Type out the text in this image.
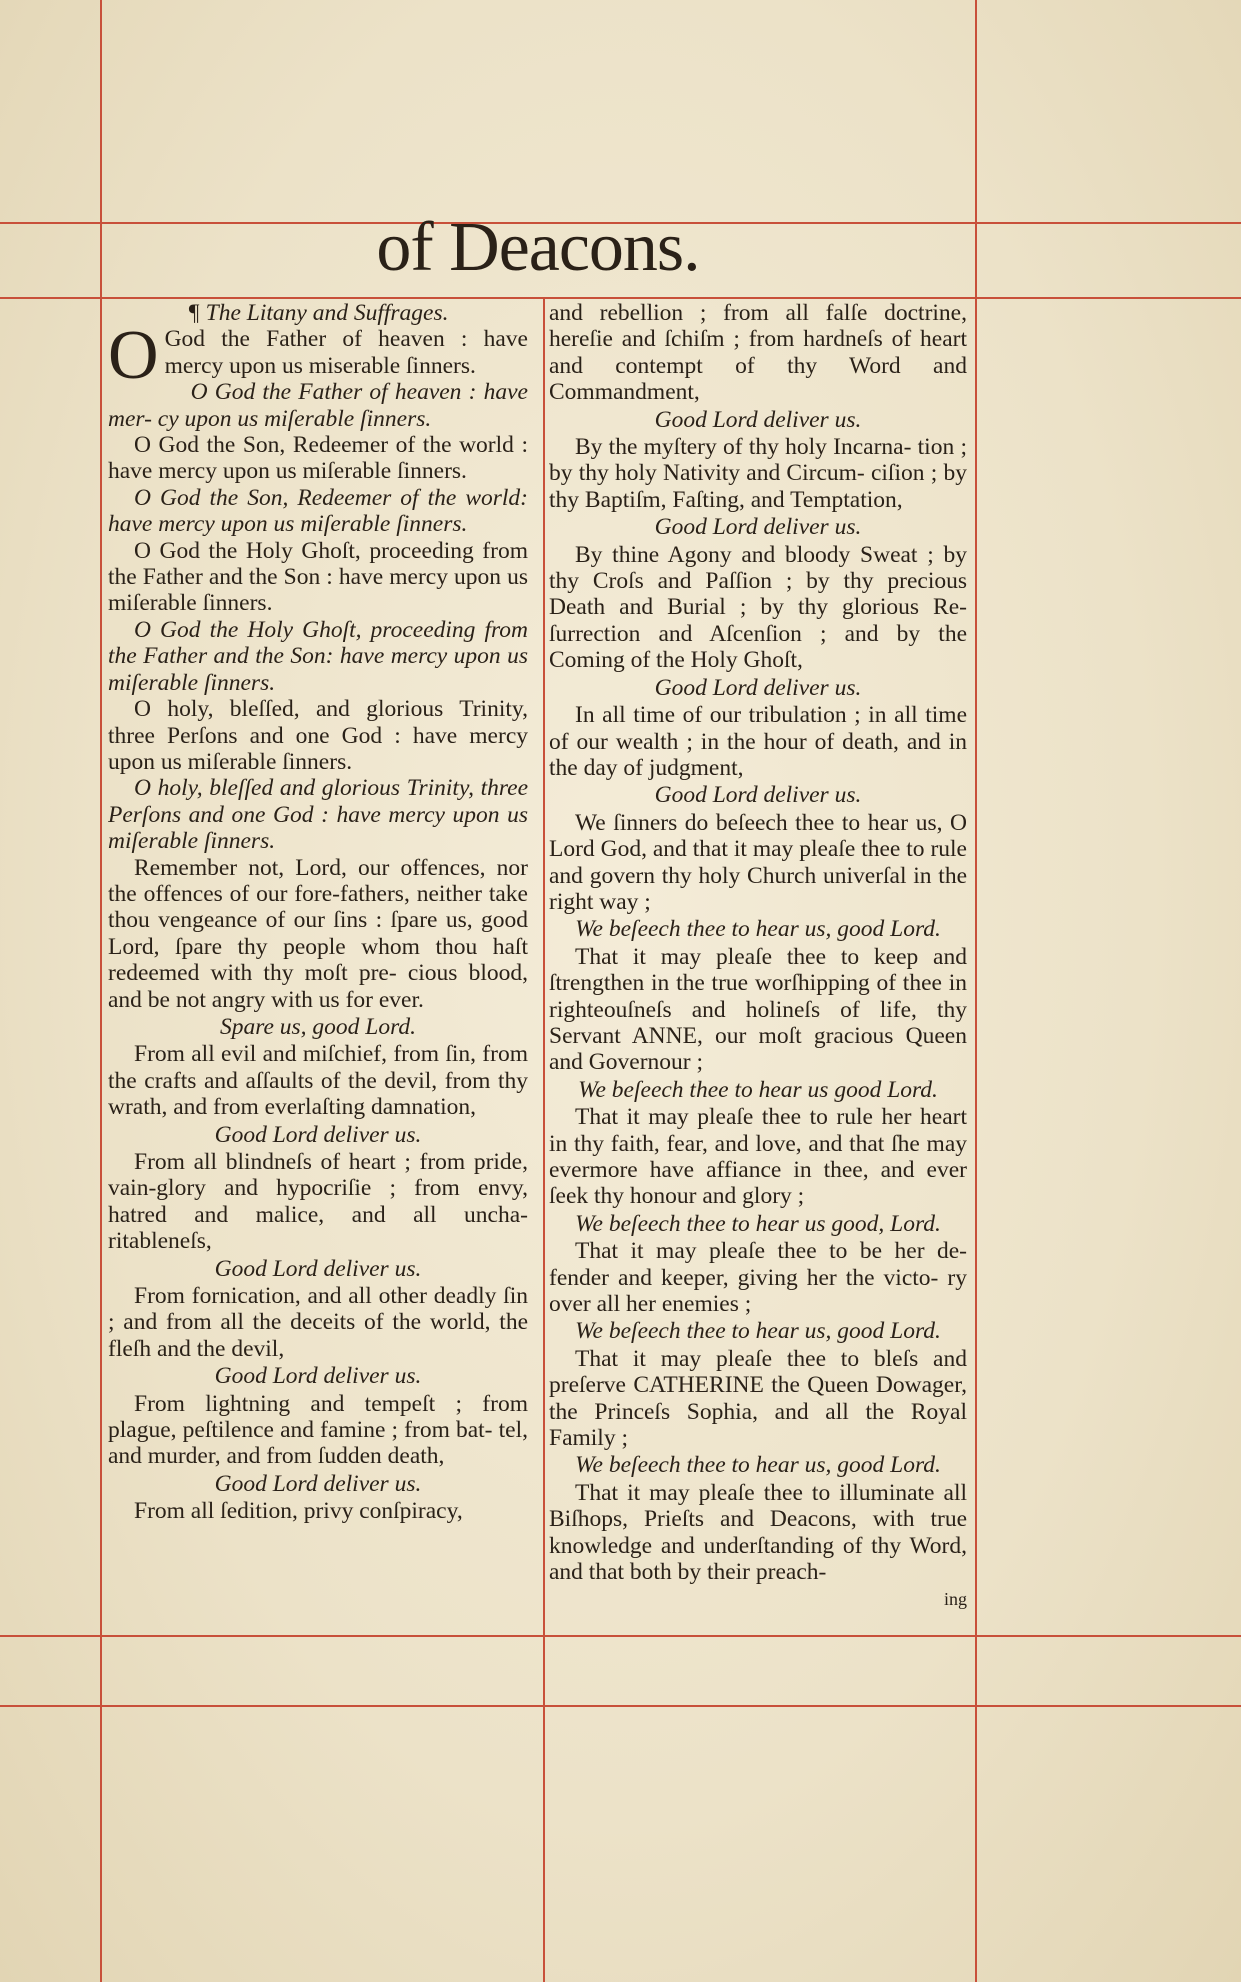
of Deacons.

¶ The Litany and Suffrages.

O God the Father of heaven : have mercy upon us miserable ſinners.

O God the Father of heaven : have mer- cy upon us miſerable ſinners.

O God the Son, Redeemer of the world : have mercy upon us miſerable ſinners.

O God the Son, Redeemer of the world: have mercy upon us miſerable ſinners.

O God the Holy Ghoſt, proceeding from the Father and the Son : have mercy upon us miſerable ſinners.

O God the Holy Ghoſt, proceeding from the Father and the Son: have mercy upon us miſerable ſinners.

O holy, bleſſed, and glorious Trinity, three Perſons and one God : have mercy upon us miſerable ſinners.

O holy, bleſſed and glorious Trinity, three Perſons and one God : have mercy upon us miſerable ſinners.

Remember not, Lord, our offences, nor the offences of our fore-fathers, neither take thou vengeance of our ſins : ſpare us, good Lord, ſpare thy people whom thou haſt redeemed with thy moſt pre- cious blood, and be not angry with us for ever.

Spare us, good Lord.

From all evil and miſchief, from ſin, from the crafts and aſſaults of the devil, from thy wrath, and from everlaſting damnation,

Good Lord deliver us.

From all blindneſs of heart ; from pride, vain-glory and hypocriſie ; from envy, hatred and malice, and all uncha- ritableneſs,

Good Lord deliver us.

From fornication, and all other deadly ſin ; and from all the deceits of the world, the fleſh and the devil,

Good Lord deliver us.

From lightning and tempeſt ; from plague, peſtilence and famine ; from bat- tel, and murder, and from ſudden death,

Good Lord deliver us.

From all ſedition, privy conſpiracy,

and rebellion ; from all falſe doctrine, hereſie and ſchiſm ; from hardneſs of heart and contempt of thy Word and Commandment,

Good Lord deliver us.

By the myſtery of thy holy Incarna- tion ; by thy holy Nativity and Circum- ciſion ; by thy Baptiſm, Faſting, and Temptation,

Good Lord deliver us.

By thine Agony and bloody Sweat ; by thy Croſs and Paſſion ; by thy precious Death and Burial ; by thy glorious Re- ſurrection and Aſcenſion ; and by the Coming of the Holy Ghoſt,

Good Lord deliver us.

In all time of our tribulation ; in all time of our wealth ; in the hour of death, and in the day of judgment,

Good Lord deliver us.

We ſinners do beſeech thee to hear us, O Lord God, and that it may pleaſe thee to rule and govern thy holy Church univerſal in the right way ;

We beſeech thee to hear us, good Lord.

That it may pleaſe thee to keep and ſtrengthen in the true worſhipping of thee in righteouſneſs and holineſs of life, thy Servant ANNE, our moſt gracious Queen and Governour ;

We beſeech thee to hear us good Lord.

That it may pleaſe thee to rule her heart in thy faith, fear, and love, and that ſhe may evermore have affiance in thee, and ever ſeek thy honour and glory ;

We beſeech thee to hear us good, Lord.

That it may pleaſe thee to be her de- fender and keeper, giving her the victo- ry over all her enemies ;

We beſeech thee to hear us, good Lord.

That it may pleaſe thee to bleſs and preſerve CATHERINE the Queen Dowager, the Princeſs Sophia, and all the Royal Family ;

We beſeech thee to hear us, good Lord.

That it may pleaſe thee to illuminate all Biſhops, Prieſts and Deacons, with true knowledge and underſtanding of thy Word, and that both by their preach-

ing
